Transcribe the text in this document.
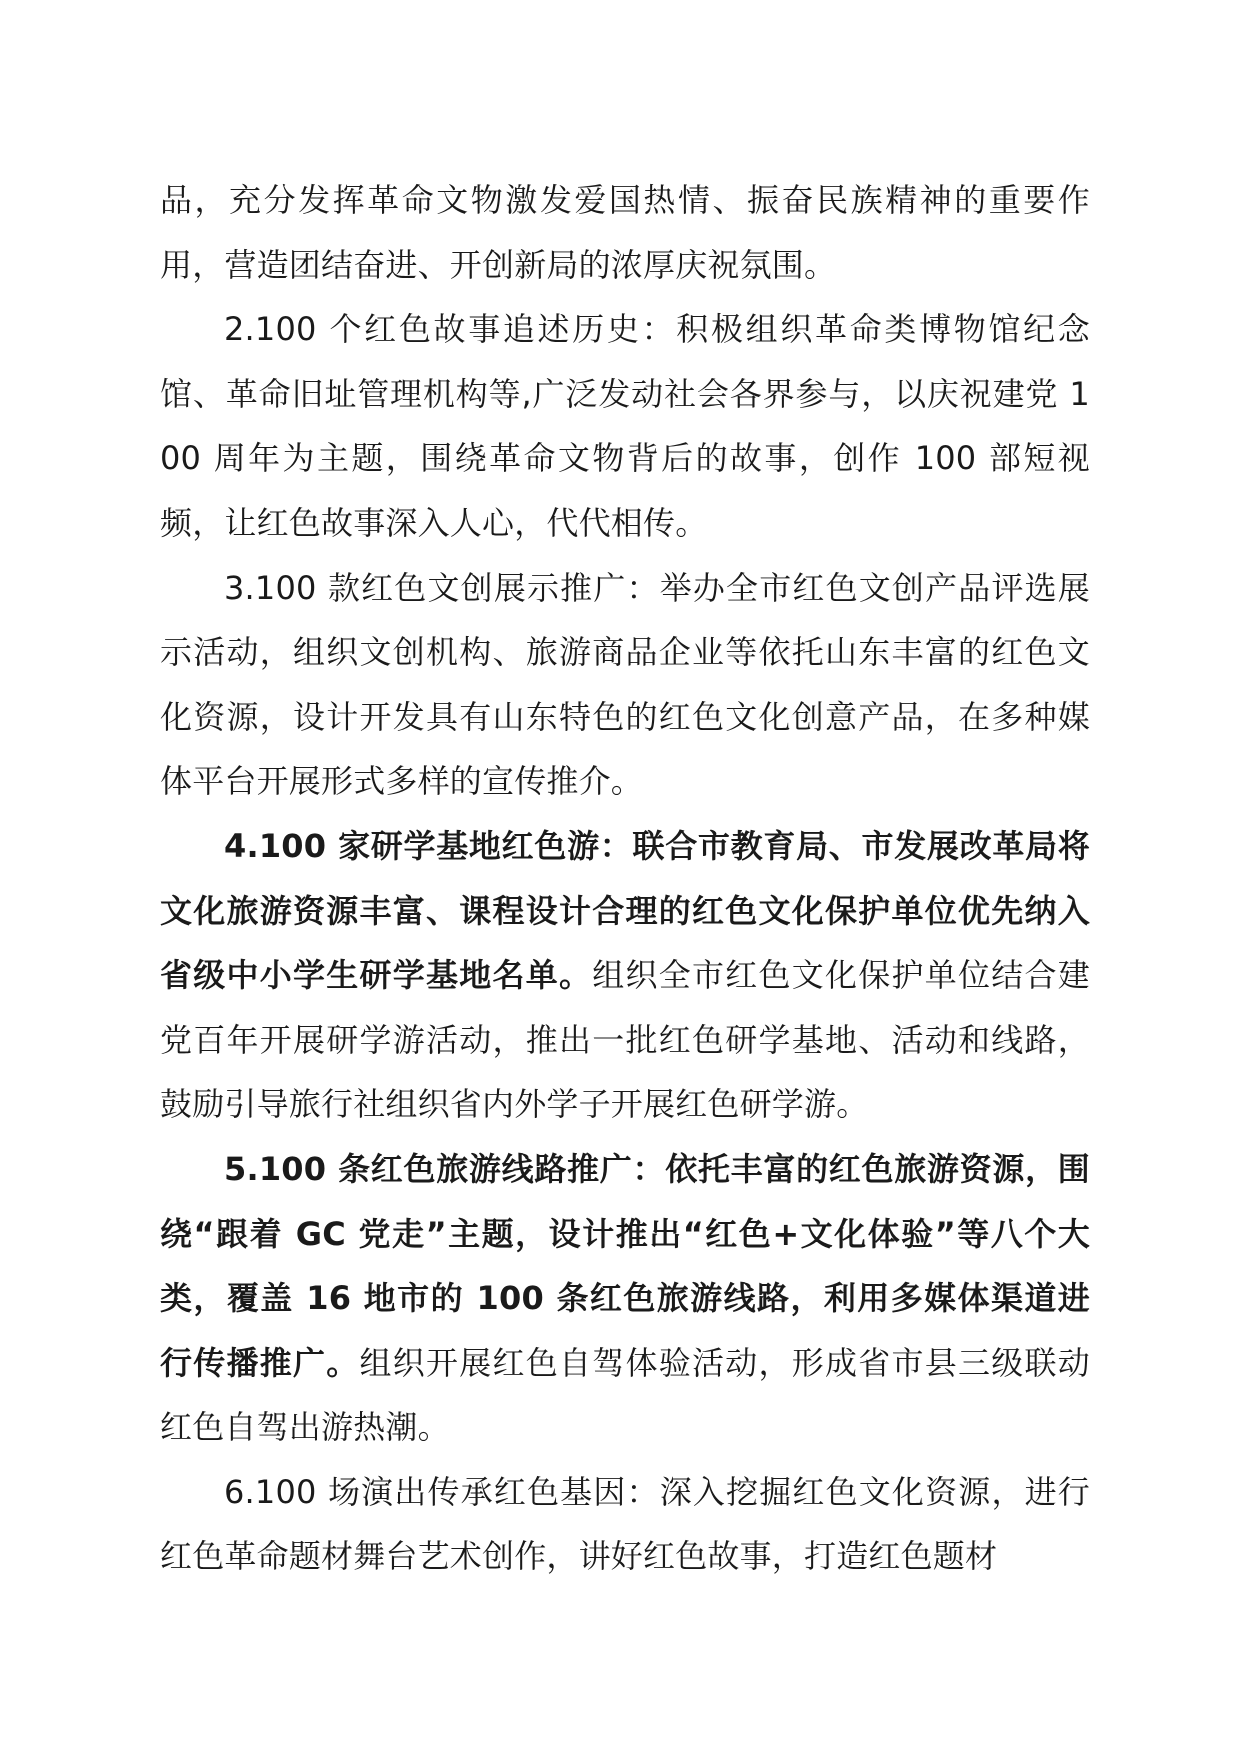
品，充分发挥革命文物激发爱国热情、振奋民族精神的重要作用，营造团结奋进、开创新局的浓厚庆祝氛围。

2.100 个红色故事追述历史：积极组织革命类博物馆纪念馆、革命旧址管理机构等,广泛发动社会各界参与，以庆祝建党 100 周年为主题，围绕革命文物背后的故事，创作 100 部短视频，让红色故事深入人心，代代相传。

3.100 款红色文创展示推广：举办全市红色文创产品评选展示活动，组织文创机构、旅游商品企业等依托山东丰富的红色文化资源，设计开发具有山东特色的红色文化创意产品，在多种媒体平台开展形式多样的宣传推介。

4.100 家研学基地红色游：联合市教育局、市发展改革局将文化旅游资源丰富、课程设计合理的红色文化保护单位优先纳入省级中小学生研学基地名单。组织全市红色文化保护单位结合建党百年开展研学游活动，推出一批红色研学基地、活动和线路，鼓励引导旅行社组织省内外学子开展红色研学游。

5.100 条红色旅游线路推广：依托丰富的红色旅游资源，围绕“跟着 GC 党走”主题，设计推出“红色+文化体验”等八个大类，覆盖 16 地市的 100 条红色旅游线路，利用多媒体渠道进行传播推广。组织开展红色自驾体验活动，形成省市县三级联动红色自驾出游热潮。

6.100 场演出传承红色基因：深入挖掘红色文化资源，进行红色革命题材舞台艺术创作，讲好红色故事，打造红色题材
